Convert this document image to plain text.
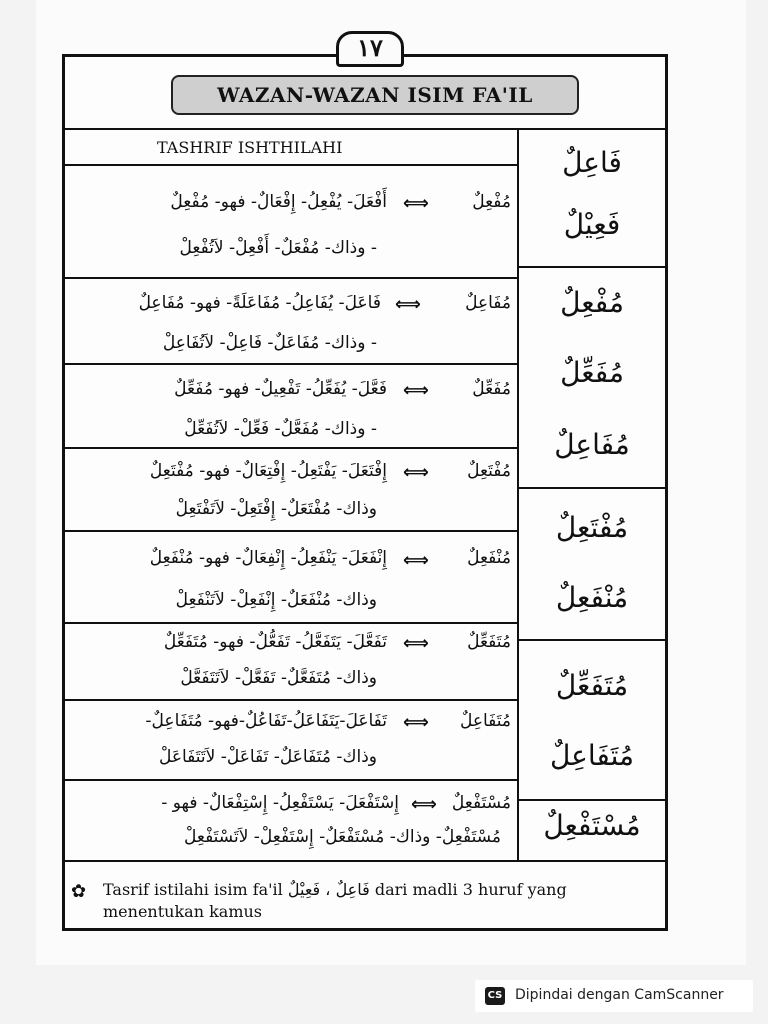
١٧
WAZAN-WAZAN ISIM FA'IL
TASHRIF ISHTHILAHI
مُفْعِلٌ
⟺
أَفْعَلَ- يُفْعِلُ- إِفْعَالٌ- فهو- مُفْعِلٌ
- وذاك- مُفْعَلٌ- أَفْعِلْ- لاَتُفْعِلْ
مُفَاعِلٌ
⟺
فَاعَلَ- يُفَاعِلُ- مُفَاعَلَةً- فهو- مُفَاعِلٌ
- وذاك- مُفَاعَلٌ- فَاعِلْ- لاَتُفَاعِلْ
مُفَعِّلٌ
⟺
فَعَّلَ- يُفَعِّلُ- تَفْعِيلٌ- فهو- مُفَعِّلٌ
- وذاك- مُفَعَّلٌ- فَعِّلْ- لاَتُفَعِّلْ
مُفْتَعِلٌ
⟺
إِفْتَعَلَ- يَفْتَعِلُ- إِفْتِعَالٌ- فهو- مُفْتَعِلٌ
وذاك- مُفْتَعَلٌ- إِفْتَعِلْ- لاَتَفْتَعِلْ
مُنْفَعِلٌ
⟺
إِنْفَعَلَ- يَنْفَعِلُ- إِنْفِعَالٌ- فهو- مُنْفَعِلٌ
وذاك- مُنْفَعَلٌ- إِنْفَعِلْ- لاَتَنْفَعِلْ
مُتَفَعِّلٌ
⟺
تَفَعَّلَ- يَتَفَعَّلُ- تَفَعُّلٌ- فهو- مُتَفَعِّلٌ
وذاك- مُتَفَعَّلٌ- تَفَعَّلْ- لاَتَتَفَعَّلْ
مُتَفَاعِلٌ
⟺
تَفَاعَلَ-يَتَفَاعَلُ-تَفَاعُلٌ-فهو- مُتَفَاعِلٌ-
وذاك- مُتَفَاعَلٌ- تَفَاعَلْ- لاَتَتَفَاعَلْ
مُسْتَفْعِلٌ
⟺
إِسْتَفْعَلَ- يَسْتَفْعِلُ- إِسْتِفْعَالٌ- فهو -
مُسْتَفْعِلٌ- وذاك- مُسْتَفْعَلٌ- إِسْتَفْعِلْ- لاَتَسْتَفْعِلْ
فَاعِلٌ
فَعِيْلٌ
مُفْعِلٌ
مُفَعِّلٌ
مُفَاعِلٌ
مُفْتَعِلٌ
مُنْفَعِلٌ
مُتَفَعِّلٌ
مُتَفَاعِلٌ
مُسْتَفْعِلٌ
✿ Tasrif istilahi isim fa'il	فَاعِلٌ ، فَعِيْلٌ	dari madli 3 huruf yang menentukan kamus
CS Dipindai dengan CamScanner
